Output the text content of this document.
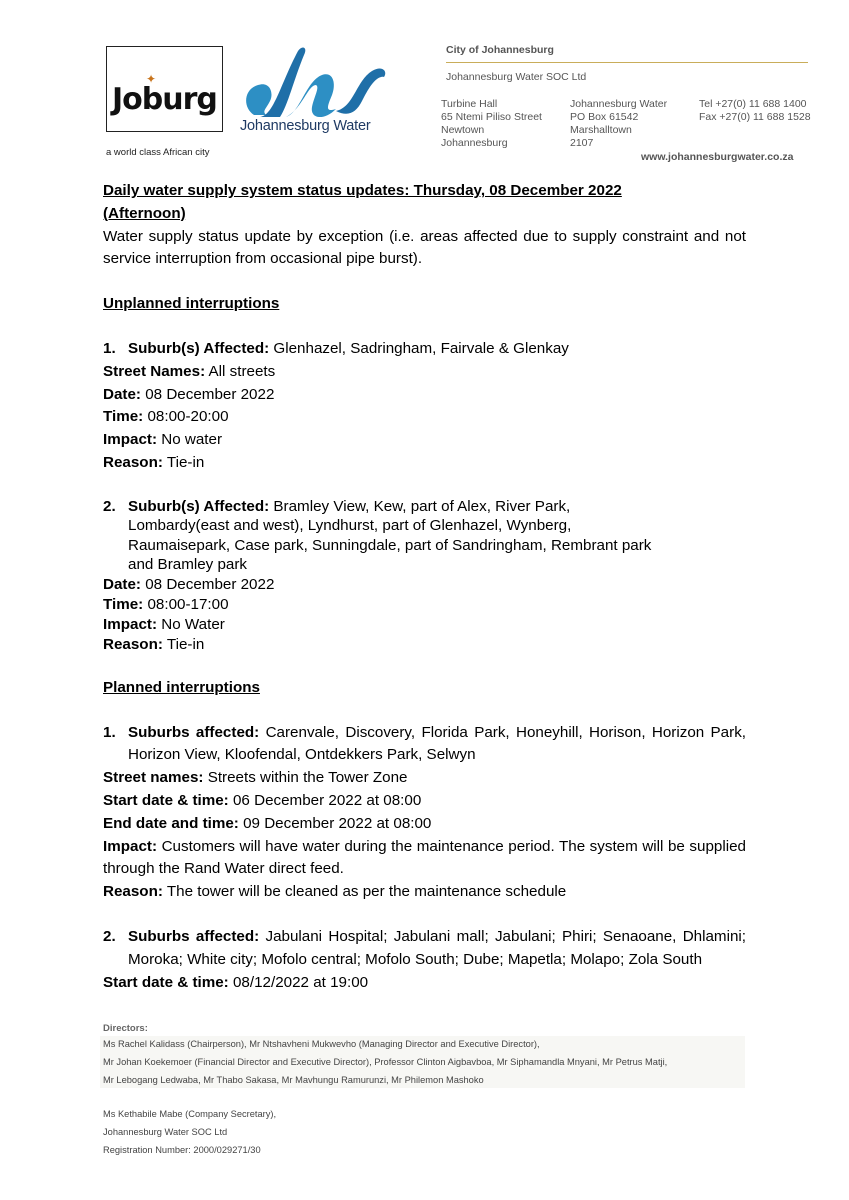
Joburg
✦
a world class African city
Johannesburg Water
City of Johannesburg
Johannesburg Water SOC Ltd
Turbine Hall
65 Ntemi Piliso Street
Newtown
Johannesburg
Johannesburg Water
PO Box 61542
Marshalltown
2107
Tel +27(0) 11 688 1400
Fax +27(0) 11 688 1528
www.johannesburgwater.co.za

Daily water supply system status updates: Thursday, 08 December 2022

(Afternoon)

Water supply status update by exception (i.e. areas affected due to supply constraint and not service interruption from occasional pipe burst).

Unplanned interruptions

1. Suburb(s) Affected: Glenhazel, Sadringham, Fairvale & Glenkay

Street Names: All streets

Date: 08 December 2022

Time: 08:00-20:00

Impact: No water

Reason: Tie-in

2. Suburb(s) Affected: Bramley View, Kew, part of Alex, River Park,
Lombardy(east and west), Lyndhurst, part of Glenhazel, Wynberg,
Raumaisepark, Case park, Sunningdale, part of Sandringham, Rembrant park
and Bramley park

Date: 08 December 2022

Time: 08:00-17:00

Impact: No Water

Reason: Tie-in

Planned interruptions

1. Suburbs affected: Carenvale, Discovery, Florida Park, Honeyhill, Horison, Horizon Park, Horizon View, Kloofendal, Ontdekkers Park, Selwyn

Street names: Streets within the Tower Zone

Start date & time: 06 December 2022 at 08:00

End date and time: 09 December 2022 at 08:00

Impact: Customers will have water during the maintenance period. The system will be supplied through the Rand Water direct feed.

Reason: The tower will be cleaned as per the maintenance schedule

2. Suburbs affected: Jabulani Hospital; Jabulani mall; Jabulani; Phiri; Senaoane, Dhlamini; Moroka; White city; Mofolo central; Mofolo South; Dube; Mapetla; Molapo; Zola South

Start date & time: 08/12/2022 at 19:00

Directors:
Ms Rachel Kalidass (Chairperson), Mr Ntshavheni Mukwevho (Managing Director and Executive Director),
Mr Johan Koekemoer (Financial Director and Executive Director), Professor Clinton Aigbavboa, Mr Siphamandla Mnyani, Mr Petrus Matji,
Mr Lebogang Ledwaba, Mr Thabo Sakasa, Mr Mavhungu Ramurunzi, Mr Philemon Mashoko
Ms Kethabile Mabe (Company Secretary),
Johannesburg Water SOC Ltd
Registration Number: 2000/029271/30
